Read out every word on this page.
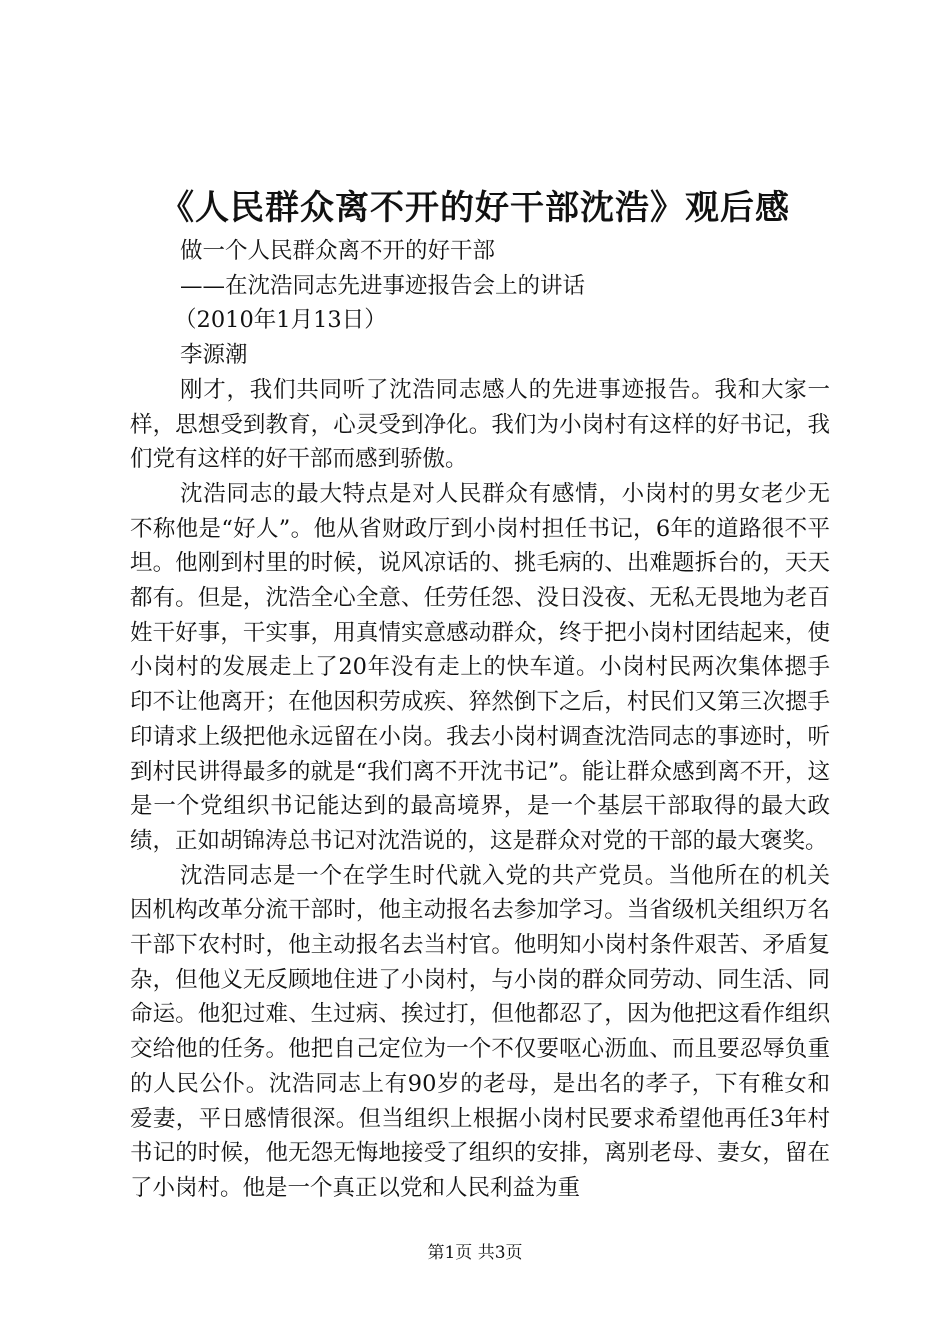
《人民群众离不开的好干部沈浩》观后感

做一个人民群众离不开的好干部

——在沈浩同志先进事迹报告会上的讲话

（2010年1月13日）

李源潮

刚才，我们共同听了沈浩同志感人的先进事迹报告。我和大家一样，思想受到教育，心灵受到净化。我们为小岗村有这样的好书记，我们党有这样的好干部而感到骄傲。

沈浩同志的最大特点是对人民群众有感情，小岗村的男女老少无不称他是“好人”。他从省财政厅到小岗村担任书记，6年的道路很不平坦。他刚到村里的时候，说风凉话的、挑毛病的、出难题拆台的，天天都有。但是，沈浩全心全意、任劳任怨、没日没夜、无私无畏地为老百姓干好事，干实事，用真情实意感动群众，终于把小岗村团结起来，使小岗村的发展走上了20年没有走上的快车道。小岗村民两次集体摁手印不让他离开；在他因积劳成疾、猝然倒下之后，村民们又第三次摁手印请求上级把他永远留在小岗。我去小岗村调查沈浩同志的事迹时，听到村民讲得最多的就是“我们离不开沈书记”。能让群众感到离不开，这是一个党组织书记能达到的最高境界，是一个基层干部取得的最大政绩，正如胡锦涛总书记对沈浩说的，这是群众对党的干部的最大褒奖。

沈浩同志是一个在学生时代就入党的共产党员。当他所在的机关因机构改革分流干部时，他主动报名去参加学习。当省级机关组织万名干部下农村时，他主动报名去当村官。他明知小岗村条件艰苦、矛盾复杂，但他义无反顾地住进了小岗村，与小岗的群众同劳动、同生活、同命运。他犯过难、生过病、挨过打，但他都忍了，因为他把这看作组织交给他的任务。他把自己定位为一个不仅要呕心沥血、而且要忍辱负重的人民公仆。沈浩同志上有90岁的老母，是出名的孝子，下有稚女和爱妻，平日感情很深。但当组织上根据小岗村民要求希望他再任3年村书记的时候，他无怨无悔地接受了组织的安排，离别老母、妻女，留在了小岗村。他是一个真正以党和人民利益为重

第1页 共3页
